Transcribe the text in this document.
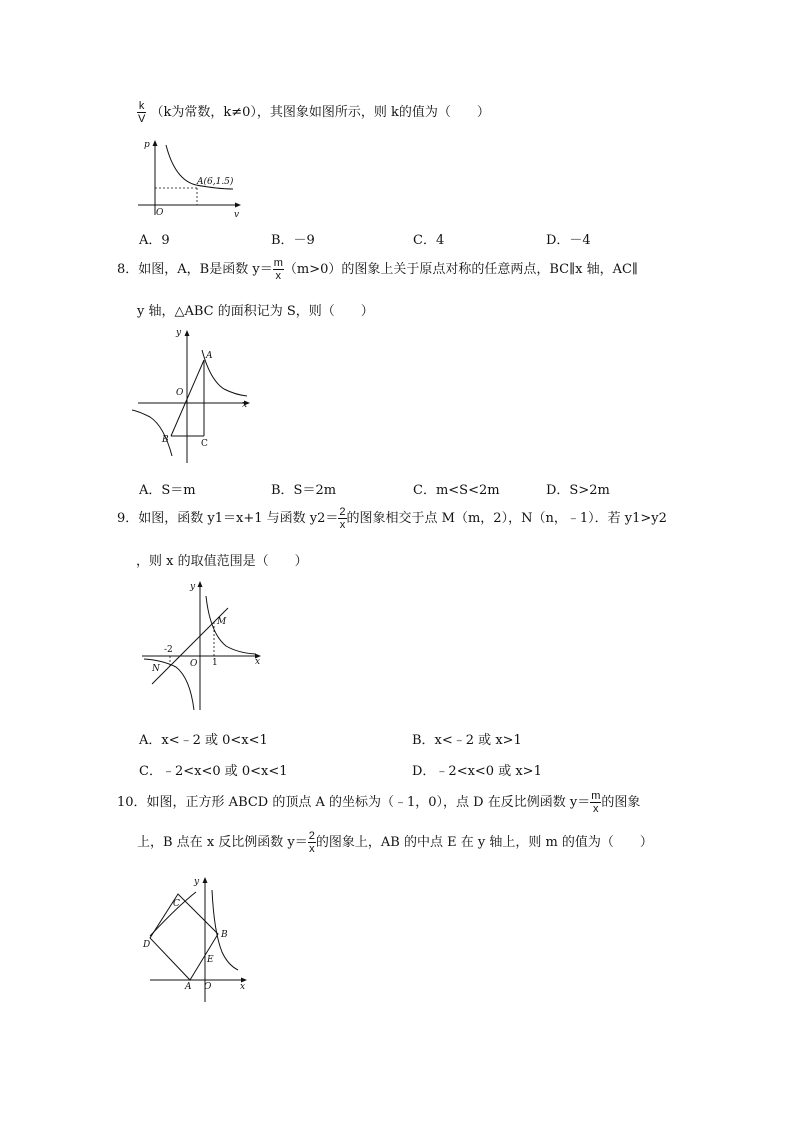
$\frac{k}{V} (k$为常数，k≠0），其图象如图所示，则 k的值为（　　）
p
v
O
A(6,1.5)
A．9	B．－9	C．4	D．－4
8．如图，A，B是函数 $y= \frac{m}{x} (m>0)$的图象上关于原点对称的任意两点，BC∥x 轴，AC∥
y 轴，△ABC 的面积记为 S，则（　　）
y
x
O
A
B	C
A．S＝m	B．S＝2m	C．m<S<2m	D．S>2m
9．如图，函数 y1＝x+1 与函数 $y2= \frac{2}{x}$ 的图象相交于点 M（m，2），N（n，﹣1）．若 y1>y2
，则 x 的取值范围是（　　）
y
x
O
M
N
-2
1
A．x<﹣2 或 0<x<1	B．x<﹣2 或 x>1
C．﹣2<x<0 或 0<x<1	D．﹣2<x<0 或 x>1
10．如图，正方形 ABCD 的顶点 A 的坐标为（﹣1，0），点 D 在反比例函数 $y= \frac{m}{x}$ 的图象
上，B 点在 x 反比例函数 $y= \frac{2}{x}$ 的图象上，AB 的中点 E 在 y 轴上，则 m 的值为（　　）
y
x
O
A
B
C
D
E
